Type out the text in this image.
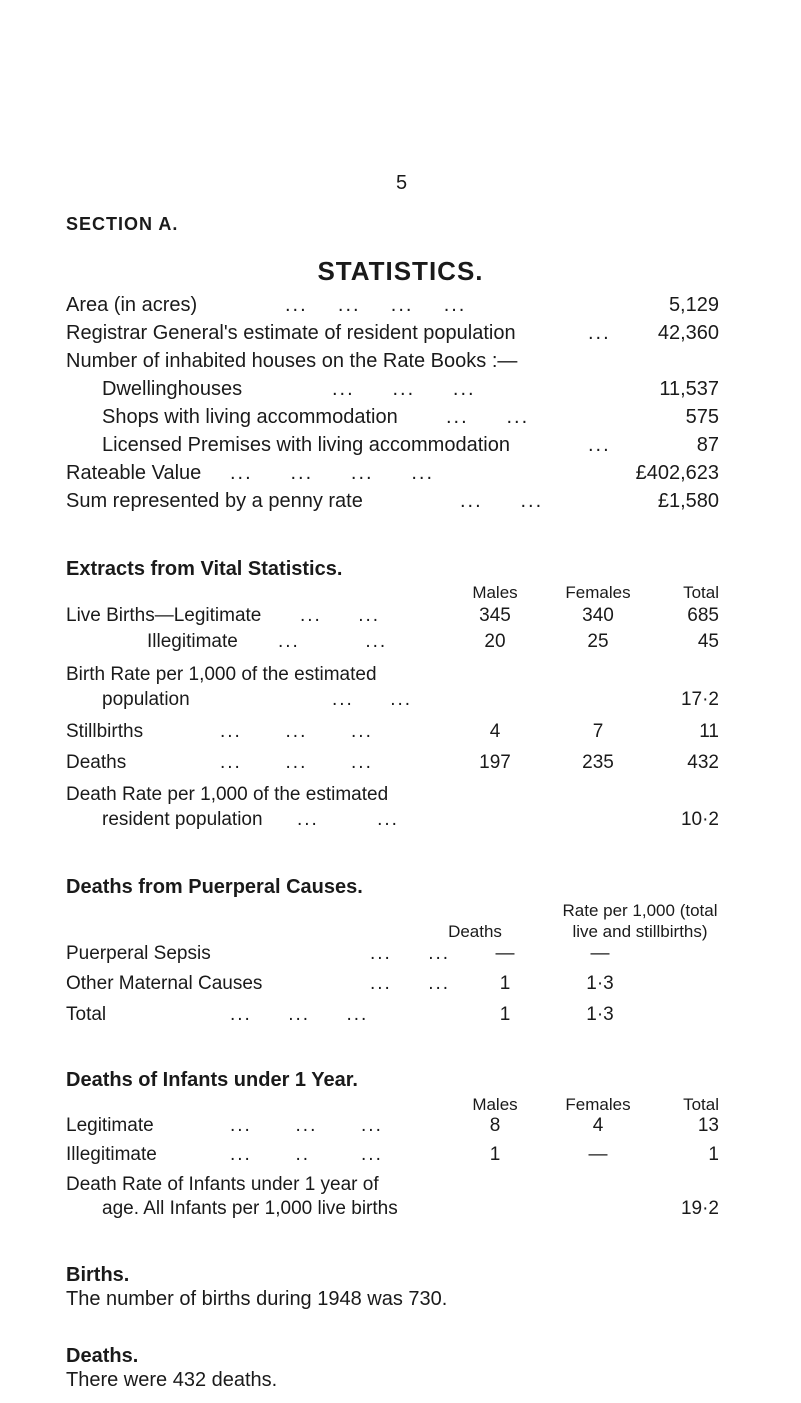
5
SECTION A.
STATISTICS.
Area (in acres)	...    ...    ...    ...	5,129
Registrar General's estimate of resident population	... 42,360
Number of inhabited houses on the Rate Books :—
Dwellinghouses	...     ...     ...	11,537
Shops with living accommodation ...     ...	575
Licensed Premises with living accommodation	...	87
Rateable Value ...     ...     ...     ...	£402,623
Sum represented by a penny rate	...     ...	£1,580
Extracts from Vital Statistics.
Males	Females	Total
Live Births—Legitimate ...     ...	345	340	685
Illegitimate ...         ...	20	25	45
Birth Rate per 1,000 of the estimated
population	...     ...	17·2
Stillbirths	...      ...      ...	4	7	11
Deaths	...      ...      ...	197	235	432
Death Rate per 1,000 of the estimated
resident population ...        ...	10·2
Deaths from Puerperal Causes.
Rate per 1,000 (total
Deaths	live and stillbirths)
Puerperal Sepsis	...     ... —	—
Other Maternal Causes	...     ...	1	1·3
Total	...     ...     ...	1	1·3
Deaths of Infants under 1 Year.
Males	Females	Total
Legitimate	...      ...      ...	8	4	13
Illegitimate	...      ..       ...	1	—	1
Death Rate of Infants under 1 year of
age. All Infants per 1,000 live births	19·2
Births.
The number of births during 1948 was 730.
Deaths.
There were 432 deaths.
